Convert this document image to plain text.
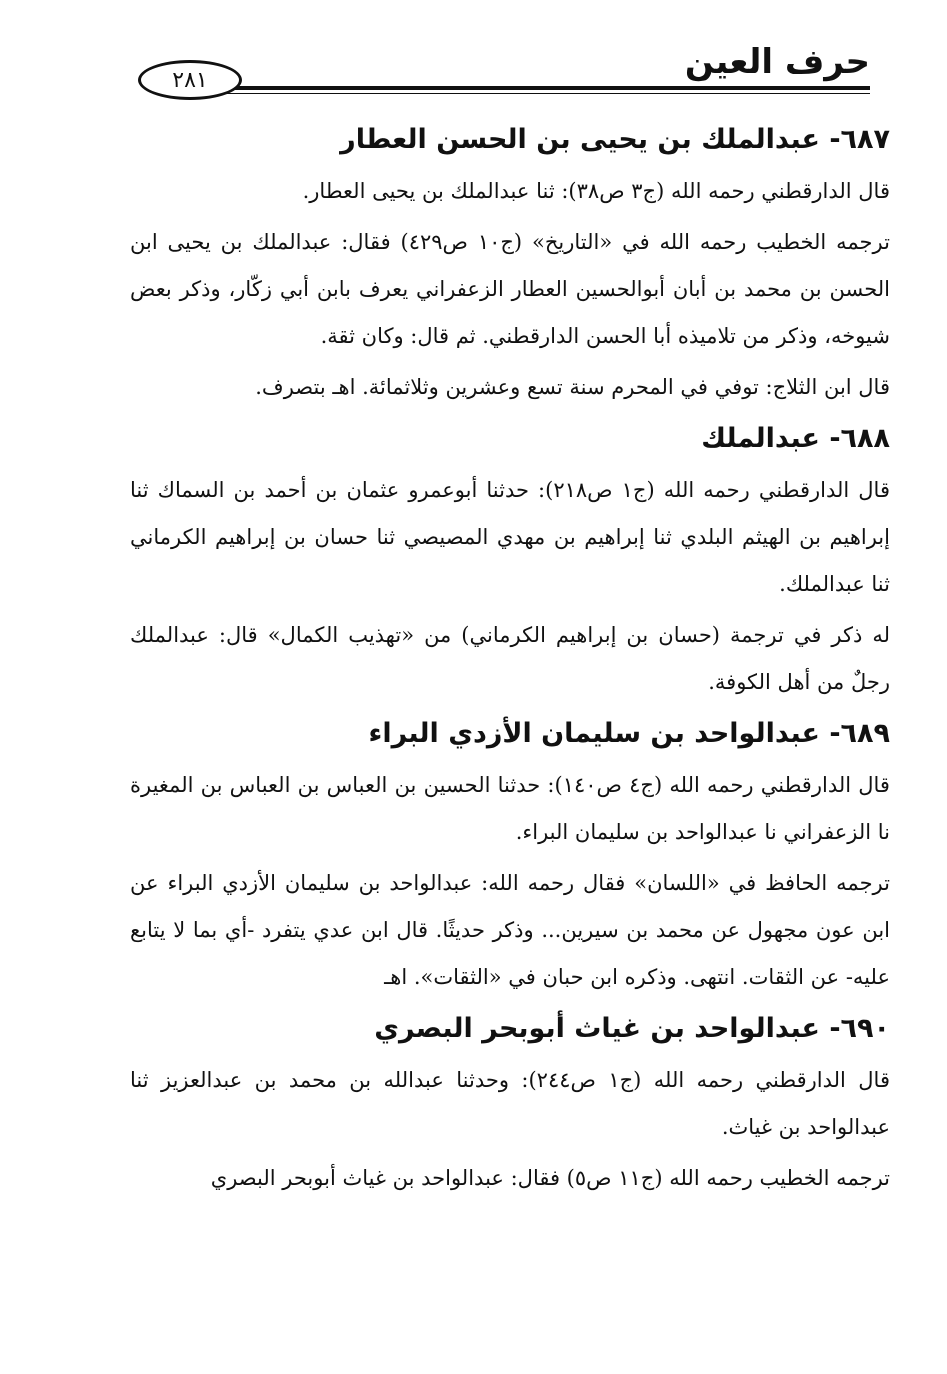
حرف العين
٢٨١
٦٨٧- عبدالملك بن يحيى بن الحسن العطار

قال الدارقطني رحمه الله (ج٣ ص٣٨): ثنا عبدالملك بن يحيى العطار.

ترجمه الخطيب رحمه الله في «التاريخ» (ج١٠ ص٤٢٩) فقال: عبدالملك بن يحيى ابن الحسن بن محمد بن أبان أبوالحسين العطار الزعفراني يعرف بابن أبي زكّار، وذكر بعض شيوخه، وذكر من تلاميذه أبا الحسن الدارقطني. ثم قال: وكان ثقة.

قال ابن الثلاج: توفي في المحرم سنة تسع وعشرين وثلاثمائة. اهـ بتصرف.

٦٨٨- عبدالملك

قال الدارقطني رحمه الله (ج١ ص٢١٨): حدثنا أبوعمرو عثمان بن أحمد بن السماك ثنا إبراهيم بن الهيثم البلدي ثنا إبراهيم بن مهدي المصيصي ثنا حسان بن إبراهيم الكرماني ثنا عبدالملك.

له ذكر في ترجمة (حسان بن إبراهيم الكرماني) من «تهذيب الكمال» قال: عبدالملك رجلٌ من أهل الكوفة.

٦٨٩- عبدالواحد بن سليمان الأزدي البراء

قال الدارقطني رحمه الله (ج٤ ص١٤٠): حدثنا الحسين بن العباس بن العباس بن المغيرة نا الزعفراني نا عبدالواحد بن سليمان البراء.

ترجمه الحافظ في «اللسان» فقال رحمه الله: عبدالواحد بن سليمان الأزدي البراء عن ابن عون مجهول عن محمد بن سيرين... وذكر حديثًا. قال ابن عدي يتفرد -أي بما لا يتابع عليه- عن الثقات. انتهى. وذكره ابن حبان في «الثقات». اهـ

٦٩٠- عبدالواحد بن غياث أبوبحر البصري

قال الدارقطني رحمه الله (ج١ ص٢٤٤): وحدثنا عبدالله بن محمد بن عبدالعزيز ثنا عبدالواحد بن غياث.

ترجمه الخطيب رحمه الله (ج١١ ص٥) فقال: عبدالواحد بن غياث أبوبحر البصري
